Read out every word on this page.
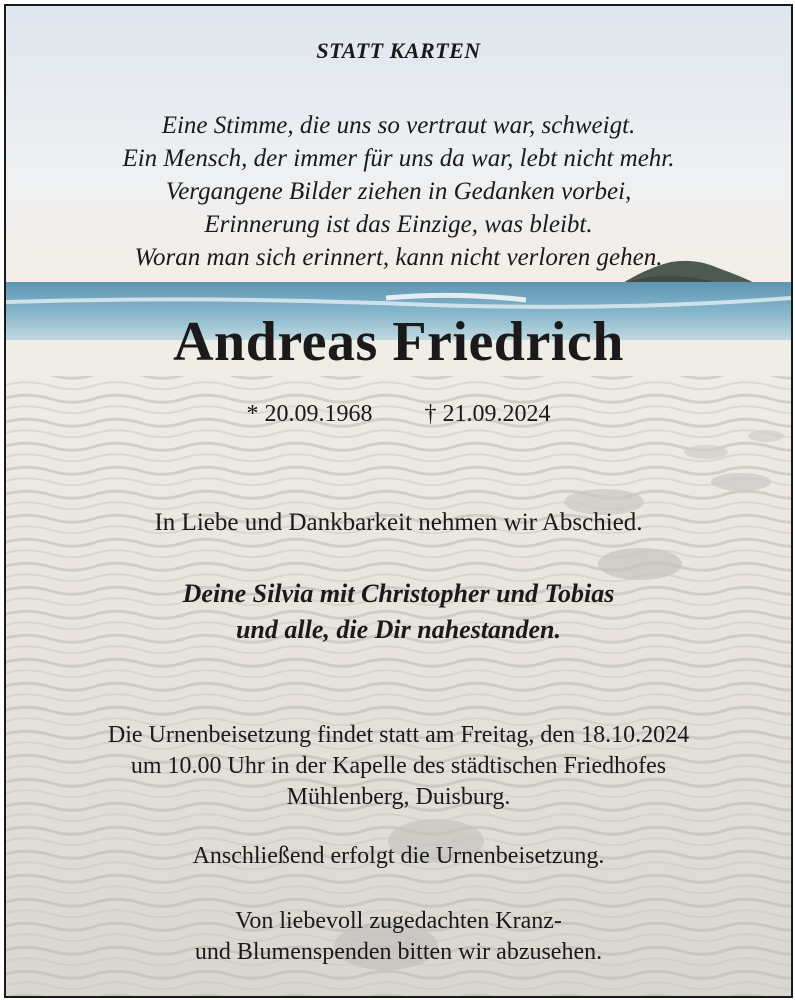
STATT KARTEN

Eine Stimme, die uns so vertraut war, schweigt.
Ein Mensch, der immer für uns da war, lebt nicht mehr.
Vergangene Bilder ziehen in Gedanken vorbei,
Erinnerung ist das Einzige, was bleibt.
Woran man sich erinnert, kann nicht verloren gehen.

Andreas Friedrich

* 20.09.1968 † 21.09.2024

In Liebe und Dankbarkeit nehmen wir Abschied.

Deine Silvia mit Christopher und Tobias
und alle, die Dir nahestanden.
Die Urnenbeisetzung findet statt am Freitag, den 18.10.2024
um 10.00 Uhr in der Kapelle des städtischen Friedhofes
Mühlenberg, Duisburg.

Anschließend erfolgt die Urnenbeisetzung.

Von liebevoll zugedachten Kranz-
und Blumenspenden bitten wir abzusehen.
